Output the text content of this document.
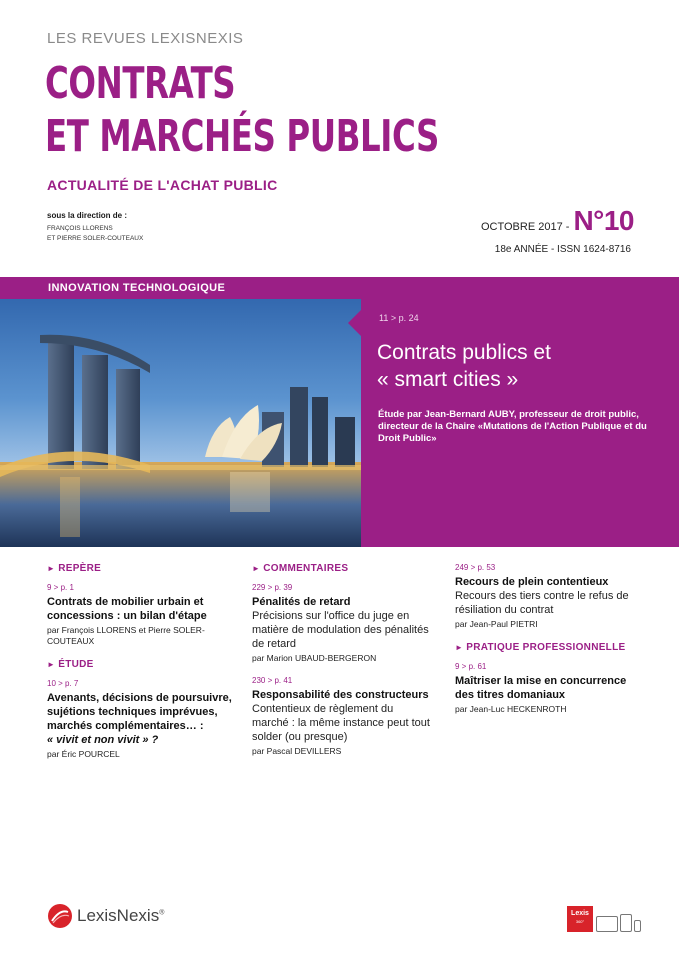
LES REVUES LEXISNEXIS
CONTRATS
ET MARCHÉS PUBLICS
ACTUALITÉ DE L'ACHAT PUBLIC
sous la direction de :
FRANÇOIS LLORENS
ET PIERRE SOLER-COUTEAUX
OCTOBRE 2017 - N°10
18e ANNÉE - ISSN 1624-8716
INNOVATION TECHNOLOGIQUE
11 > p. 24
Contrats publics et
« smart cities »
Étude par Jean-Bernard AUBY, professeur de droit public, directeur de la Chaire «Mutations de l'Action Publique et du Droit Public»
► REPÈRE
9 > p. 1
Contrats de mobilier urbain et concessions : un bilan d'étape
par François LLORENS et Pierre SOLER-COUTEAUX
► ÉTUDE
10 > p. 7
Avenants, décisions de poursuivre, sujétions techniques imprévues, marchés complémentaires… :
« vivit et non vivit » ?
par Éric POURCEL
► COMMENTAIRES
229 > p. 39
Pénalités de retard
Précisions sur l'office du juge en matière de modulation des pénalités de retard
par Marion UBAUD-BERGERON
230 > p. 41
Responsabilité des constructeurs
Contentieux de règlement du marché : la même instance peut tout solder (ou presque)
par Pascal DEVILLERS
249 > p. 53
Recours de plein contentieux
Recours des tiers contre le refus de résiliation du contrat
par Jean-Paul PIETRI
► PRATIQUE PROFESSIONNELLE
9 > p. 61
Maîtriser la mise en concurrence des titres domaniaux
par Jean-Luc HECKENROTH
LexisNexis®	Lexis
360°
